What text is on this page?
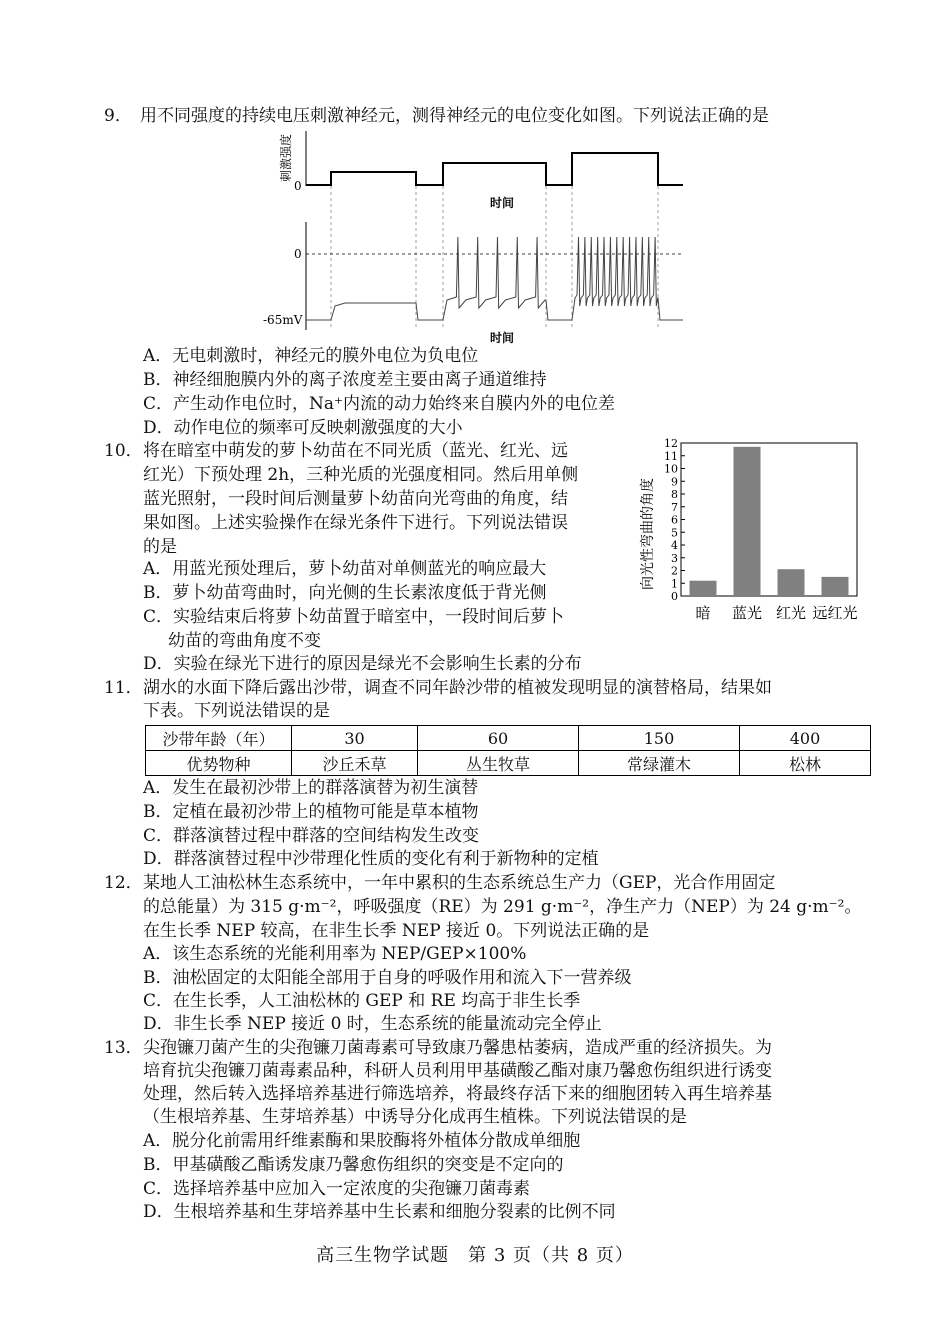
9． 用不同强度的持续电压刺激神经元，测得神经元的电位变化如图。下列说法正确的是
刺激强度
0
时间
0
-65mV
时间
A．无电刺激时，神经元的膜外电位为负电位
B．神经细胞膜内外的离子浓度差主要由离子通道维持
C．产生动作电位时，Na⁺内流的动力始终来自膜内外的电位差
D．动作电位的频率可反映刺激强度的大小
10． 将在暗室中萌发的萝卜幼苗在不同光质（蓝光、红光、远
红光）下预处理 2h，三种光质的光强度相同。然后用单侧
蓝光照射，一段时间后测量萝卜幼苗向光弯曲的角度，结
果如图。上述实验操作在绿光条件下进行。下列说法错误
的是
A．用蓝光预处理后，萝卜幼苗对单侧蓝光的响应最大
B．萝卜幼苗弯曲时，向光侧的生长素浓度低于背光侧
C．实验结束后将萝卜幼苗置于暗室中，一段时间后萝卜
幼苗的弯曲角度不变
D．实验在绿光下进行的原因是绿光不会影响生长素的分布
向光性弯曲的角度
0
1
2
3
4
5
6
7
8
9
10
11
12
暗 蓝光 红光 远红光
11． 湖水的水面下降后露出沙带，调查不同年龄沙带的植被发现明显的演替格局，结果如
下表。下列说法错误的是
沙带年龄（年）	30	60	150	400
优势物种	沙丘禾草	丛生牧草	常绿灌木	松林
A．发生在最初沙带上的群落演替为初生演替
B．定植在最初沙带上的植物可能是草本植物
C．群落演替过程中群落的空间结构发生改变
D．群落演替过程中沙带理化性质的变化有利于新物种的定植
12． 某地人工油松林生态系统中，一年中累积的生态系统总生产力（GEP，光合作用固定
的总能量）为 315 g·m⁻²，呼吸强度（RE）为 291 g·m⁻²，净生产力（NEP）为 24 g·m⁻²。
在生长季 NEP 较高，在非生长季 NEP 接近 0。下列说法正确的是
A．该生态系统的光能利用率为 NEP/GEP×100%
B．油松固定的太阳能全部用于自身的呼吸作用和流入下一营养级
C．在生长季，人工油松林的 GEP 和 RE 均高于非生长季
D．非生长季 NEP 接近 0 时，生态系统的能量流动完全停止
13． 尖孢镰刀菌产生的尖孢镰刀菌毒素可导致康乃馨患枯萎病，造成严重的经济损失。为
培育抗尖孢镰刀菌毒素品种，科研人员利用甲基磺酸乙酯对康乃馨愈伤组织进行诱变
处理，然后转入选择培养基进行筛选培养，将最终存活下来的细胞团转入再生培养基
（生根培养基、生芽培养基）中诱导分化成再生植株。下列说法错误的是
A．脱分化前需用纤维素酶和果胶酶将外植体分散成单细胞
B．甲基磺酸乙酯诱发康乃馨愈伤组织的突变是不定向的
C．选择培养基中应加入一定浓度的尖孢镰刀菌毒素
D．生根培养基和生芽培养基中生长素和细胞分裂素的比例不同
高三生物学试题　第 3 页（共 8 页）
